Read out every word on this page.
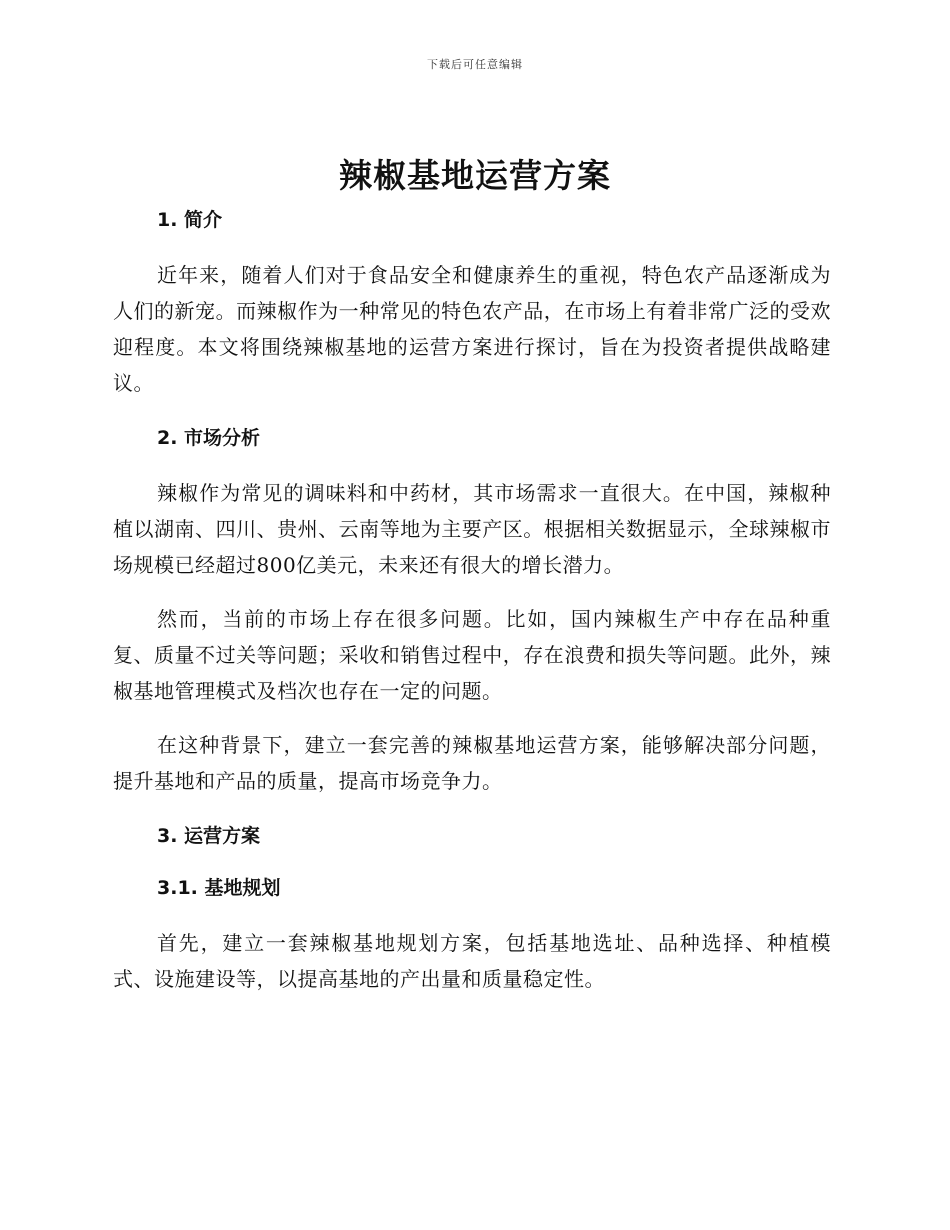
下载后可任意编辑
辣椒基地运营方案
1. 简介

近年来，随着人们对于食品安全和健康养生的重视，特色农产品逐渐成为人们的新宠。而辣椒作为一种常见的特色农产品，在市场上有着非常广泛的受欢迎程度。本文将围绕辣椒基地的运营方案进行探讨，旨在为投资者提供战略建议。

2. 市场分析

辣椒作为常见的调味料和中药材，其市场需求一直很大。在中国，辣椒种植以湖南、四川、贵州、云南等地为主要产区。根据相关数据显示，全球辣椒市场规模已经超过800亿美元，未来还有很大的增长潜力。

然而，当前的市场上存在很多问题。比如，国内辣椒生产中存在品种重复、质量不过关等问题；采收和销售过程中，存在浪费和损失等问题。此外，辣椒基地管理模式及档次也存在一定的问题。

在这种背景下，建立一套完善的辣椒基地运营方案，能够解决部分问题，提升基地和产品的质量，提高市场竞争力。

3. 运营方案
3.1. 基地规划

首先，建立一套辣椒基地规划方案，包括基地选址、品种选择、种植模式、设施建设等，以提高基地的产出量和质量稳定性。
